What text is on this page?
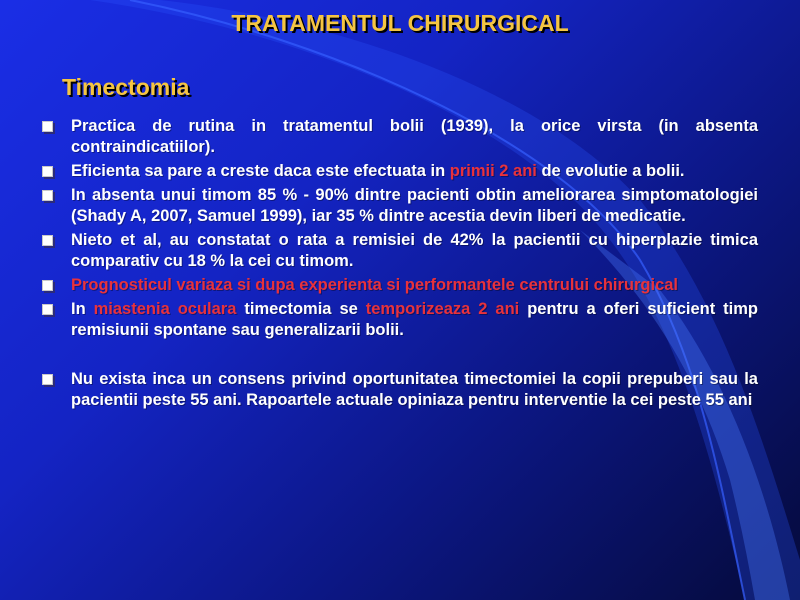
TRATAMENTUL CHIRURGICAL
Timectomia
Practica de rutina in tratamentul bolii (1939), la orice virsta (in absenta contraindicatiilor).
Eficienta sa pare a creste daca este efectuata in primii 2 ani de evolutie a bolii.
In absenta unui timom 85 % - 90% dintre pacienti obtin ameliorarea simptomatologiei (Shady A, 2007, Samuel 1999), iar 35 % dintre acestia devin liberi de medicatie.
Nieto et al, au constatat o rata a remisiei de 42% la pacientii cu hiperplazie timica comparativ cu 18 % la cei cu timom.
Prognosticul variaza si dupa experienta si performantele centrului chirurgical
In miastenia oculara timectomia se temporizeaza 2 ani pentru a oferi suficient timp remisiunii spontane sau generalizarii bolii.
Nu exista inca un consens privind oportunitatea timectomiei la copii prepuberi sau la pacientii peste 55 ani. Rapoartele actuale opiniaza pentru interventie la cei peste 55 ani
